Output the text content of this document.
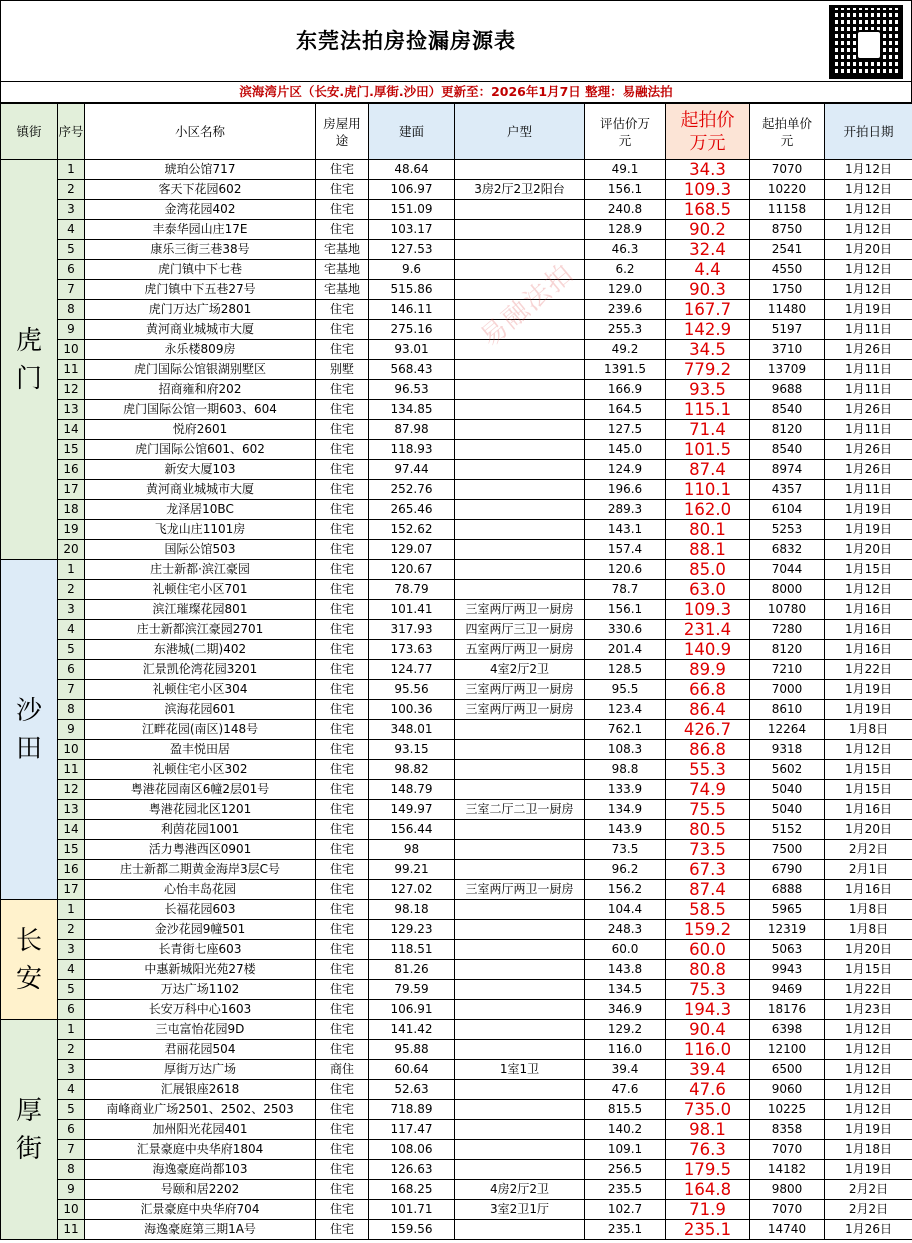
东莞法拍房捡漏房源表
滨海湾片区（长安.虎门.厚街.沙田）更新至：2026年1月7日 整理：易融法拍
镇街	序号	小区名称	房屋用途	建面	户型	评估价万元	起拍价万元	起拍单价元	开拍日期

虎
门	1	琥珀公馆717	住宅	48.64		49.1	34.3	7070	1月12日
	2	客天下花园602	住宅	106.97	3房2厅2卫2阳台	156.1	109.3	10220	1月12日
	3	金湾花园402	住宅	151.09		240.8	168.5	11158	1月12日
	4	丰泰华园山庄17E	住宅	103.17		128.9	90.2	8750	1月12日
	5	康乐三街三巷38号	宅基地	127.53		46.3	32.4	2541	1月20日
	6	虎门镇中下七巷	宅基地	9.6		6.2	4.4	4550	1月12日
	7	虎门镇中下五巷27号	宅基地	515.86		129.0	90.3	1750	1月12日
	8	虎门万达广场2801	住宅	146.11		239.6	167.7	11480	1月19日
	9	黄河商业城城市大厦	住宅	275.16		255.3	142.9	5197	1月11日
	10	永乐楼809房	住宅	93.01		49.2	34.5	3710	1月26日
	11	虎门国际公馆银湖别墅区	别墅	568.43		1391.5	779.2	13709	1月11日
	12	招商雍和府202	住宅	96.53		166.9	93.5	9688	1月11日
	13	虎门国际公馆一期603、604	住宅	134.85		164.5	115.1	8540	1月26日
	14	悦府2601	住宅	87.98		127.5	71.4	8120	1月11日
	15	虎门国际公馆601、602	住宅	118.93		145.0	101.5	8540	1月26日
	16	新安大厦103	住宅	97.44		124.9	87.4	8974	1月26日
	17	黄河商业城城市大厦	住宅	252.76		196.6	110.1	4357	1月11日
	18	龙泽居10BC	住宅	265.46		289.3	162.0	6104	1月19日
	19	飞龙山庄1101房	住宅	152.62		143.1	80.1	5253	1月19日
	20	国际公馆503	住宅	129.07		157.4	88.1	6832	1月20日

沙
田	1	庄士新都·滨江豪园	住宅	120.67		120.6	85.0	7044	1月15日
	2	礼顿住宅小区701	住宅	78.79		78.7	63.0	8000	1月12日
	3	滨江璀璨花园801	住宅	101.41	三室两厅两卫一厨房	156.1	109.3	10780	1月16日
	4	庄士新都滨江豪园2701	住宅	317.93	四室两厅三卫一厨房	330.6	231.4	7280	1月16日
	5	东港城(二期)402	住宅	173.63	五室两厅两卫一厨房	201.4	140.9	8120	1月16日
	6	汇景凯伦湾花园3201	住宅	124.77	4室2厅2卫	128.5	89.9	7210	1月22日
	7	礼顿住宅小区304	住宅	95.56	三室两厅两卫一厨房	95.5	66.8	7000	1月19日
	8	滨海花园601	住宅	100.36	三室两厅两卫一厨房	123.4	86.4	8610	1月19日
	9	江畔花园(南区)148号	住宅	348.01		762.1	426.7	12264	1月8日
	10	盈丰悦田居	住宅	93.15		108.3	86.8	9318	1月12日
	11	礼顿住宅小区302	住宅	98.82		98.8	55.3	5602	1月15日
	12	粤港花园南区6幢2层01号	住宅	148.79		133.9	74.9	5040	1月15日
	13	粤港花园北区1201	住宅	149.97	三室二厅二卫一厨房	134.9	75.5	5040	1月16日
	14	利茵花园1001	住宅	156.44		143.9	80.5	5152	1月20日
	15	活力粤港西区0901	住宅	98		73.5	73.5	7500	2月2日
	16	庄士新都二期黄金海岸3层C号	住宅	99.21		96.2	67.3	6790	2月1日
	17	心怡丰岛花园	住宅	127.02	三室两厅两卫一厨房	156.2	87.4	6888	1月16日

长
安	1	长福花园603	住宅	98.18		104.4	58.5	5965	1月8日
	2	金沙花园9幢501	住宅	129.23		248.3	159.2	12319	1月8日
	3	长青街七座603	住宅	118.51		60.0	60.0	5063	1月20日
	4	中惠新城阳光苑27楼	住宅	81.26		143.8	80.8	9943	1月15日
	5	万达广场1102	住宅	79.59		134.5	75.3	9469	1月22日
	6	长安万科中心1603	住宅	106.91		346.9	194.3	18176	1月23日

厚
街	1	三屯富怡花园9D	住宅	141.42		129.2	90.4	6398	1月12日
	2	君丽花园504	住宅	95.88		116.0	116.0	12100	1月12日
	3	厚街万达广场	商住	60.64	1室1卫	39.4	39.4	6500	1月12日
	4	汇展银座2618	住宅	52.63		47.6	47.6	9060	1月12日
	5	南峰商业广场2501、2502、2503	住宅	718.89		815.5	735.0	10225	1月12日
	6	加州阳光花园401	住宅	117.47		140.2	98.1	8358	1月19日
	7	汇景豪庭中央华府1804	住宅	108.06		109.1	76.3	7070	1月18日
	8	海逸豪庭尚都103	住宅	126.63		256.5	179.5	14182	1月19日
	9	号颐和居2202	住宅	168.25	4房2厅2卫	235.5	164.8	9800	2月2日
	10	汇景豪庭中央华府704	住宅	101.71	3室2卫1厅	102.7	71.9	7070	2月2日
	11	海逸豪庭第三期1A号	住宅	159.56		235.1	235.1	14740	1月26日
易融法拍
